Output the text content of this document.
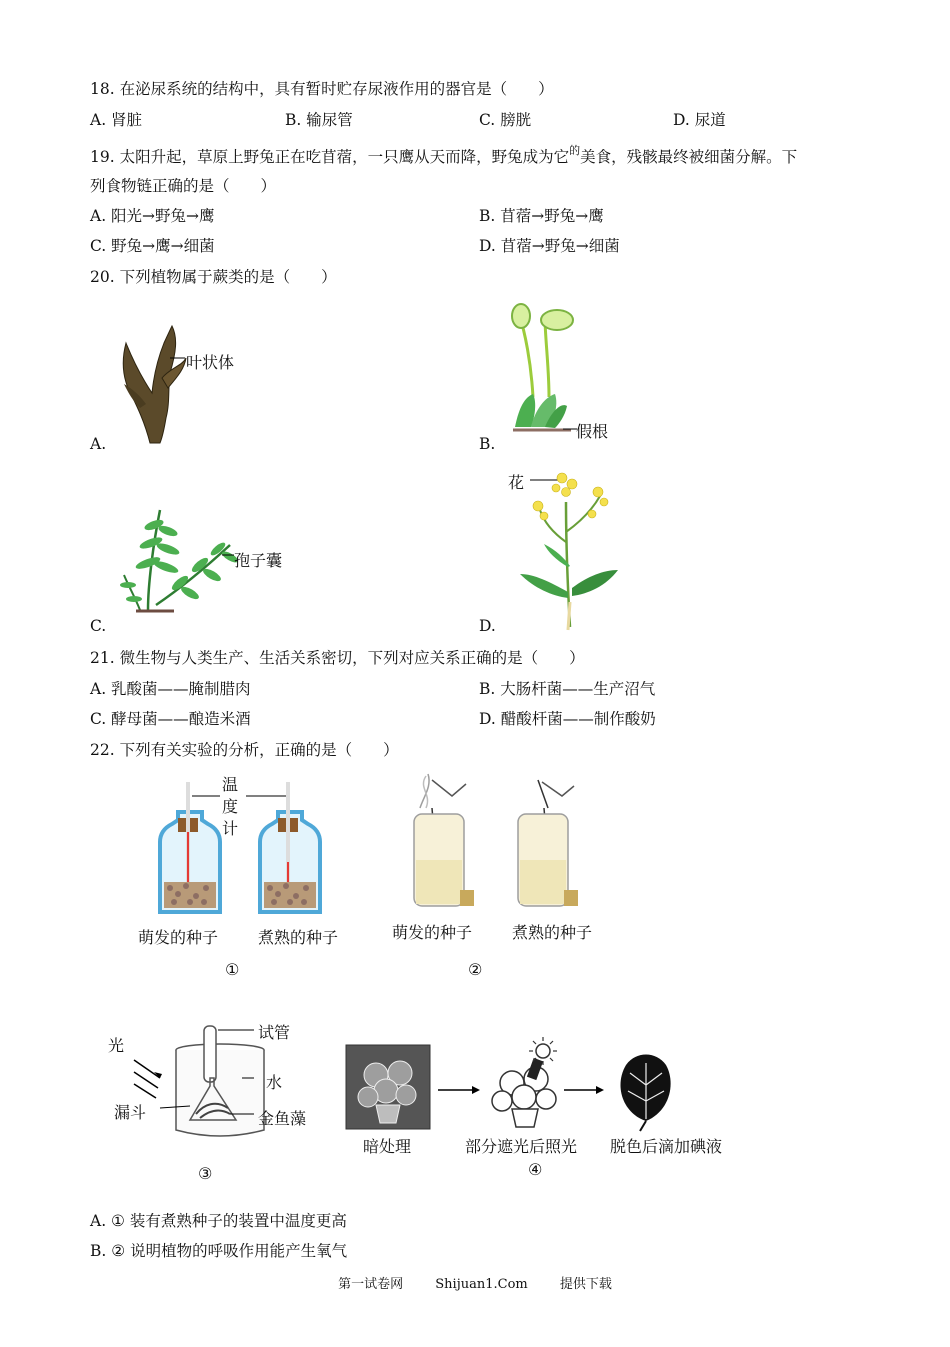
18. 在泌尿系统的结构中，具有暂时贮存尿液作用的器官是（　　）
A. 肾脏	B. 输尿管	C. 膀胱	D. 尿道
19. 太阳升起，草原上野兔正在吃苜蓿，一只鹰从天而降，野兔成为它$^的$美食，残骸最终被细菌分解。下
列食物链正确的是（　　）
A. 阳光→野兔→鹰	B. 苜蓿→野兔→鹰
C. 野兔→鹰→细菌	D. 苜蓿→野兔→细菌
20. 下列植物属于蕨类的是（　　）
叶状体
A.
假根
B.
孢子囊
C.
花
D.
21. 微生物与人类生产、生活关系密切，下列对应关系正确的是（　　）
A. 乳酸菌——腌制腊肉	B. 大肠杆菌——生产沼气
C. 酵母菌——酿造米酒	D. 醋酸杆菌——制作酸奶
22. 下列有关实验的分析，正确的是（　　）
温
度
计
萌发的种子 煮熟的种子
①
萌发的种子 煮熟的种子
②
光
试管
水
漏斗	金鱼藻
③
暗处理	部分遮光后照光 脱色后滴加碘液
④
A. ① 装有煮熟种子的装置中温度更高
B. ② 说明植物的呼吸作用能产生氧气
第一试卷网 Shijuan1.Com 提供下载
